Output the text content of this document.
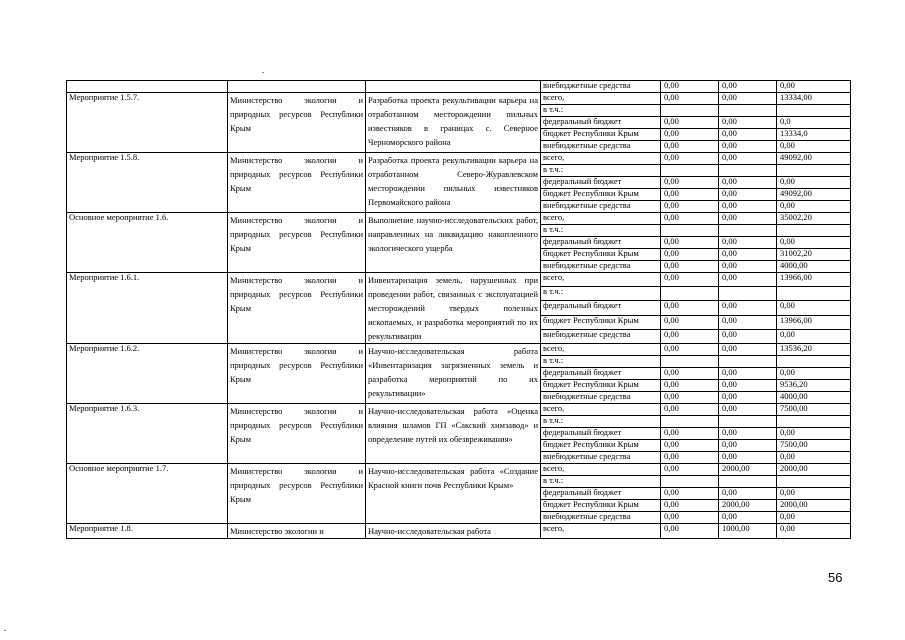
			внебюджетные средства	0,00	0,00	0,00
Мероприятие 1.5.7.	Министерство экологии и природных ресурсов Республики Крым	Разработка проекта рекультивации карьера на отработанном месторождении пильных известняков в границах с. Северное Черноморского района	всего,	0,00	0,00	13334,00
			в т.ч.:			
			федеральный бюджет	0,00	0,00	0,0
			бюджет Республики Крым	0,00	0,00	13334,0
			внебюджетные средства	0,00	0,00	0,00
Мероприятие 1.5.8.	Министерство экологии и природных ресурсов Республики Крым	Разработка проекта рекультивации карьера на отработанном Северо-Журавлевском месторождении пильных известняков Первомайского района	всего,	0,00	0,00	49092,00
			в т.ч.:			
			федеральный бюджет	0,00	0,00	0,00
			бюджет Республики Крым	0,00	0,00	49092,00
			внебюджетные средства	0,00	0,00	0,00
Основное мероприятие 1.6.	Министерство экологии и природных ресурсов Республики Крым	Выполнение научно-исследовательских работ, направленных на ликвидацию накопленного экологического ущерба	всего,	0,00	0,00	35002,20
			в т.ч.:			
			федеральный бюджет	0,00	0,00	0,00
			бюджет Республики Крым	0,00	0,00	31002,20
			внебюджетные средства	0,00	0,00	4000,00
Мероприятие 1.6.1.	Министерство экологии и природных ресурсов Республики Крым	Инвентаризация земель, нарушенных при проведении работ, связанных с эксплуатацией месторождений твердых полезных ископаемых, и разработка мероприятий по их рекультивации	всего,	0,00	0,00	13966,00
			в т.ч.:			
			федеральный бюджет	0,00	0,00	0,00
			бюджет Республики Крым	0,00	0,00	13966,00
			внебюджетные средства	0,00	0,00	0,00
Мероприятие 1.6.2.	Министерство экологии и природных ресурсов Республики Крым	Научно-исследовательская работа «Инвентаризация загрязненных земель и разработка мероприятий по их рекультивации»	всего,	0,00	0,00	13536,20
			в т.ч.:			
			федеральный бюджет	0,00	0,00	0,00
			бюджет Республики Крым	0,00	0,00	9536,20
			внебюджетные средства	0,00	0,00	4000,00
Мероприятие 1.6.3.	Министерство экологии и природных ресурсов Республики Крым	Научно-исследовательская работа «Оценка влияния шламов ГП «Сакский химзавод» и определение путей их обезвреживания»	всего,	0,00	0,00	7500,00
			в т.ч.:			
			федеральный бюджет	0,00	0,00	0,00
			бюджет Республики Крым	0,00	0,00	7500,00
			внебюджетные средства	0,00	0,00	0,00
Основное мероприятие 1.7.	Министерство экологии и природных ресурсов Республики Крым	Научно-исследовательская работа «Создание Красной книги почв Республики Крым»	всего,	0,00	2000,00	2000,00
			в т.ч.:			
			федеральный бюджет	0,00	0,00	0,00
			бюджет Республики Крым	0,00	2000,00	2000,00
			внебюджетные средства	0,00	0,00	0,00
Мероприятие 1.8.	Министерство экологии и	Научно-исследовательская работа	всего,	0,00	1000,00	0,00
56
